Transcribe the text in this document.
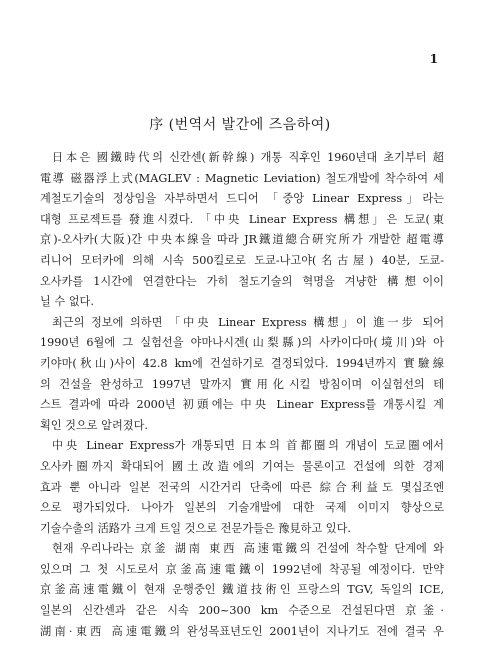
1
序 (번역서 발간에 즈음하여)
日本은 國鐵時代의 신칸센(新幹線) 개통 직후인 1960년대 초기부터 超
電導 磁器浮上式(MAGLEV : Magnetic Leviation) 철도개발에 착수하여 세
계철도기술의 정상임을 자부하면서 드디어 「중앙 Linear Express」라는
대형 프로젝트를 發進시켰다. 「中央 Linear Express 構想」은 도쿄(東
京)-오사카(大阪)간 中央本線을 따라 JR鐵道總合硏究所가 개발한 超電導
리니어 모터카에 의해 시속 500킬로로 도쿄-나고야(名古屋) 40분, 도쿄-
오사카를 1시간에 연결한다는 가히 철도기술의 혁명을 겨냥한 構想이이
닐 수 없다.
최근의 정보에 의하면 「中央 Linear Express 構想」이 進一步 되어
1990년 6월에 그 실험선을 야마나시겐(山梨縣)의 사카이다마(境川)와 아
키야마(秋山)사이 42.8 km에 건설하기로 결정되었다. 1994년까지 實驗線
의 건설을 완성하고 1997년 말까지 實用化시킬 방침이며 이실험선의 테
스트 결과에 따라 2000년 初頭에는 中央 Linear Express를 개통시킬 계
획인 것으로 알려졌다.
中央 Linear Express가 개통되면 日本의 首都圈의 개념이 도쿄圈에서
오사카圈까지 확대되어 國土改造에의 기여는 물론이고 건설에 의한 경제
효과 뿐 아니라 일본 전국의 시간거리 단축에 따른 綜合利益도 몇십조엔
으로 평가되었다. 나아가 일본의 기술개발에 대한 국제 이미지 향상으로
기술수출의 活路가 크게 트일 것으로 전문가들은 豫見하고 있다.
현재 우리나라는 京釜 湖南 東西 高速電鐵의 건설에 착수할 단계에 와
있으며 그 첫 시도로서 京釜高速電鐵이 1992년에 착공될 예정이다. 만약
京釜高速電鐵이 현재 운행중인 鐵道技術인 프랑스의 TGV, 독일의 ICE,
일본의 신칸센과 같은 시속 200~300 km 수준으로 건설된다면 京釜·
湖南·東西 高速電鐵의 완성목표년도인 2001년이 지나기도 전에 결국 우
